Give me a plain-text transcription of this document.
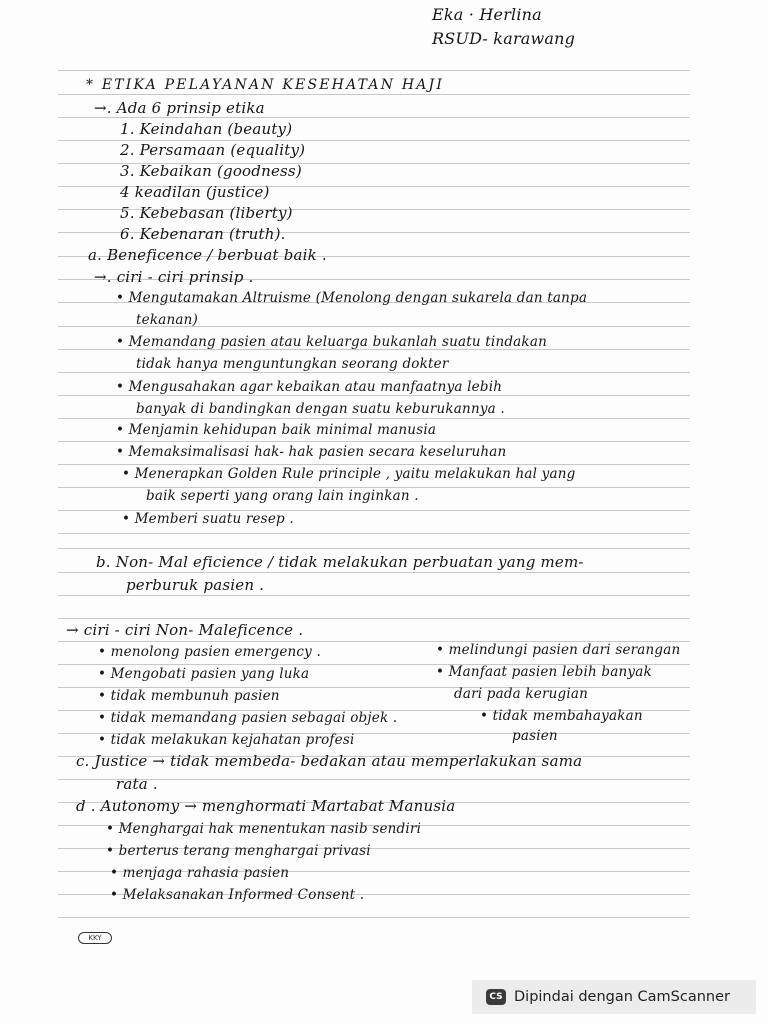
Eka · Herlina
RSUD- karawang
* ETIKA PELAYANAN KESEHATAN HAJI
→. Ada 6 prinsip etika
1. Keindahan (beauty)
2. Persamaan (equality)
3. Kebaikan (goodness)
4 keadilan (justice)
5. Kebebasan (liberty)
6. Kebenaran (truth).
a. Beneficence / berbuat baik .
→. ciri - ciri prinsip .
• Mengutamakan Altruisme (Menolong dengan sukarela dan tanpa
tekanan)
• Memandang pasien atau keluarga bukanlah suatu tindakan
tidak hanya menguntungkan seorang dokter
• Mengusahakan agar kebaikan atau manfaatnya lebih
banyak di bandingkan dengan suatu keburukannya .
• Menjamin kehidupan baik minimal manusia
• Memaksimalisasi hak- hak pasien secara keseluruhan
• Menerapkan Golden Rule principle , yaitu melakukan hal yang
baik seperti yang orang lain inginkan .
• Memberi suatu resep .
b. Non- Mal eficience / tidak melakukan perbuatan yang mem-
perburuk pasien .
→ ciri - ciri Non- Maleficence .
• menolong pasien emergency .
• Mengobati pasien yang luka
• tidak membunuh pasien
• tidak memandang pasien sebagai objek .
• tidak melakukan kejahatan profesi
• melindungi pasien dari serangan
• Manfaat pasien lebih banyak
dari pada kerugian
• tidak membahayakan
pasien
c. Justice → tidak membeda- bedakan atau memperlakukan sama
rata .
d . Autonomy → menghormati Martabat Manusia
• Menghargai hak menentukan nasib sendiri
• berterus terang menghargai privasi
• menjaga rahasia pasien
• Melaksanakan Informed Consent .
KKY
CS Dipindai dengan CamScanner
